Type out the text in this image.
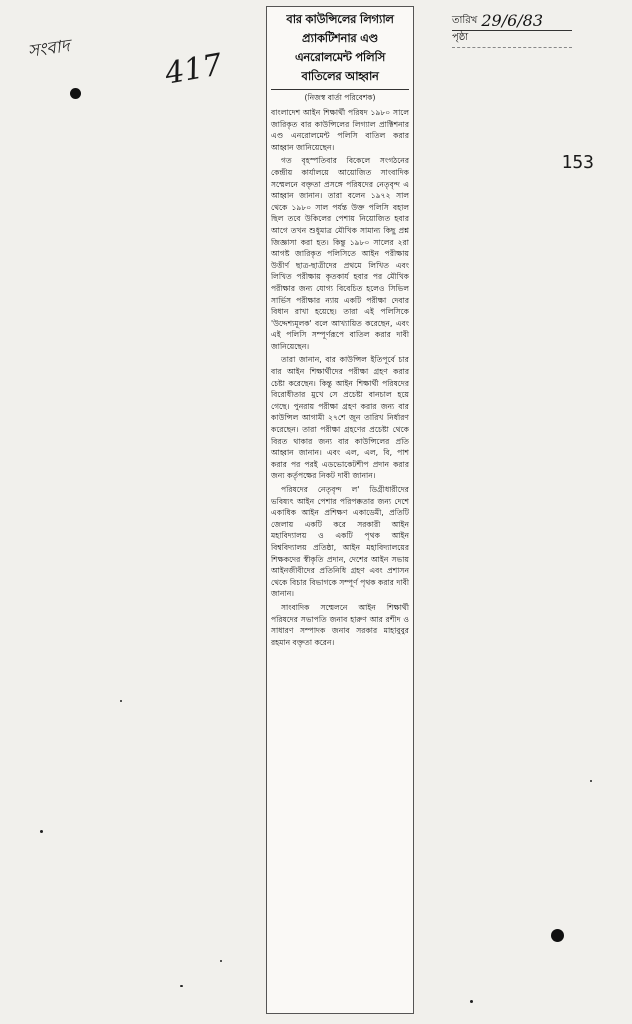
সংবাদ	417
153
তারিখ 29/6/83
পৃষ্ঠা
বার কাউন্সিলের লিগ্যাল
প্র্যাকটিশনার এণ্ড
এনরোলমেন্ট পলিসি
বাতিলের আহ্বান
(নিজস্ব বার্তা পরিবেশক)

বাংলাদেশ আইন শিক্ষার্থী পরিষদ ১৯৮০ সালে জারিকৃত বার কাউন্সিলের লিগ্যাল প্রাক্টিশনার এণ্ড এনরোলমেন্ট পলিসি বাতিল করার আহ্বান জানিয়েছেন।

গত বৃহস্পতিবার বিকেলে সংগঠনের কেন্দ্রীয় কার্যালয়ে আয়োজিত সাংবাদিক সম্মেলনে বক্তৃতা প্রসঙ্গে পরিষদের নেতৃবৃন্দ এ আহ্বান জানান। তারা বলেন ১৯৭২ সাল থেকে ১৯৮০ সাল পর্যন্ত উক্ত পলিসি বহাল ছিল তবে উকিলের পেশায় নিয়োজিত হবার আগে তখন শুধুমাত্র মৌখিক সামান্য কিছু প্রশ্ন জিজ্ঞাসা করা হত। কিন্তু ১৯৮০ সালের ২রা আগষ্ট জারিকৃত পলিসিতে আইন পরীক্ষায় উত্তীর্ণ ছাত্র-ছাত্রীদের প্রথমে লিখিত এবং লিখিত পরীক্ষায় কৃতকার্য হবার পর মৌখিক পরীক্ষার জন্য যোগ্য বিবেচিত হলেও সিভিল সার্ভিস পরীক্ষার ন্যায় একটি পরীক্ষা দেবার বিধান রাখা হয়েছে। তারা এই পলিসিকে 'উদ্দেশ্যমূলক' বলে আখ্যায়িত করেছেন, এবং এই পলিসি সম্পূর্ণরূপে বাতিল করার দাবী জানিয়েছেন।

তারা জানান, বার কাউন্সিল ইতিপূর্বে চার বার আইন শিক্ষার্থীদের পরীক্ষা গ্রহণ করার চেষ্টা করেছেন। কিন্তু আইন শিক্ষার্থী পরিষদের বিরোধীতার মুখে সে প্রচেষ্টা বানচাল হয়ে গেছে। পুনরায় পরীক্ষা গ্রহণ করার জন্য বার কাউন্সিল আগামী ২৭শে জুন তারিখ নির্ধারণ করেছেন। তারা পরীক্ষা গ্রহণের প্রচেষ্টা থেকে বিরত থাকার জন্য বার কাউন্সিলের প্রতি আহ্বান জানান। এবং এল, এল, বি, পাশ করার পর পরই এডভোকেটশীপ প্রদান করার জন্য কর্তৃপক্ষের নিকট দাবী জানান।

পরিষদের নেতৃবৃন্দ ল' ডিগ্রীধারীদের ভবিষ্যৎ আইন পেশার পরিপক্কতার জন্য দেশে একাধিক আইন প্রশিক্ষণ একাডেমী, প্রতিটি জেলায় একটি করে সরকারী আইন মহাবিদ্যালয় ও একটি পৃথক আইন বিশ্ববিদ্যালয় প্রতিষ্ঠা, আইন মহাবিদ্যালয়ের শিক্ষকদের স্বীকৃতি প্রদান, দেশের আইন সভায় আইনজীবীদের প্রতিনিধি গ্রহণ এবং প্রশাসন থেকে বিচার বিভাগকে সম্পূর্ণ পৃথক করার দাবী জানান।

সাংবাদিক সম্মেলনে আইন শিক্ষার্থী পরিষদের সভাপতি জনাব হারুণ আর রশীদ ও সাধারণ সম্পাদক জনাব সরকার মাহাবুবুর রহমান বক্তৃতা করেন।
